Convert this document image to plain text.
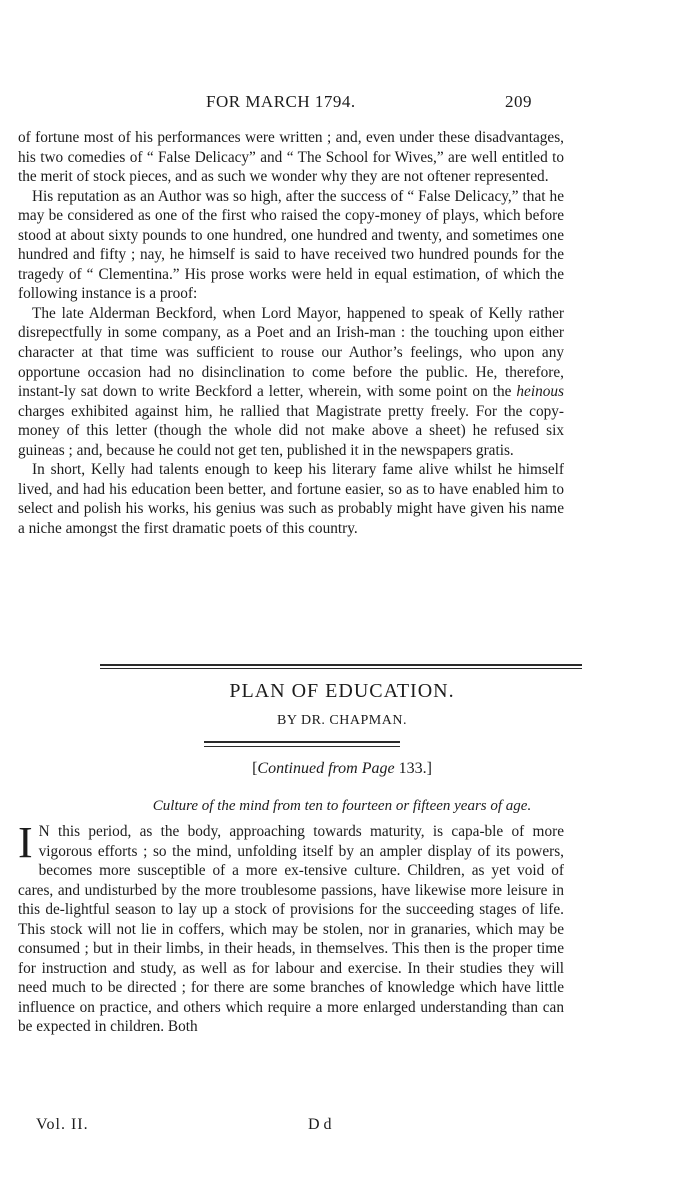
FOR MARCH 1794.	209

of fortune most of his performances were written ; and, even under these disadvantages, his two comedies of “ False Delicacy” and “ The School for Wives,” are well entitled to the merit of stock pieces, and as such we wonder why they are not oftener represented.

His reputation as an Author was so high, after the success of “ False Delicacy,” that he may be considered as one of the first who raised the copy-money of plays, which before stood at about sixty pounds to one hundred, one hundred and twenty, and sometimes one hundred and fifty ; nay, he himself is said to have received two hundred pounds for the tragedy of “ Clementina.” His prose works were held in equal estimation, of which the following instance is a proof:

The late Alderman Beckford, when Lord Mayor, happened to speak of Kelly rather disrepectfully in some company, as a Poet and an Irish-man : the touching upon either character at that time was sufficient to rouse our Author’s feelings, who upon any opportune occasion had no disinclination to come before the public. He, therefore, instant-ly sat down to write Beckford a letter, wherein, with some point on the heinous charges exhibited against him, he rallied that Magistrate pretty freely. For the copy-money of this letter (though the whole did not make above a sheet) he refused six guineas ; and, because he could not get ten, published it in the newspapers gratis.

In short, Kelly had talents enough to keep his literary fame alive whilst he himself lived, and had his education been better, and fortune easier, so as to have enabled him to select and polish his works, his genius was such as probably might have given his name a niche amongst the first dramatic poets of this country.

PLAN OF EDUCATION.
BY DR. CHAPMAN.
[Continued from Page 133.]
Culture of the mind from ten to fourteen or fifteen years of age.

I N this period, as the body, approaching towards maturity, is capa-ble of more vigorous efforts ; so the mind, unfolding itself by an ampler display of its powers, becomes more susceptible of a more ex-tensive culture. Children, as yet void of cares, and undisturbed by the more troublesome passions, have likewise more leisure in this de-lightful season to lay up a stock of provisions for the succeeding stages of life. This stock will not lie in coffers, which may be stolen, nor in granaries, which may be consumed ; but in their limbs, in their heads, in themselves. This then is the proper time for instruction and study, as well as for labour and exercise. In their studies they will need much to be directed ; for there are some branches of knowledge which have little influence on practice, and others which require a more enlarged understanding than can be expected in children. Both

Vol. II.	D d
